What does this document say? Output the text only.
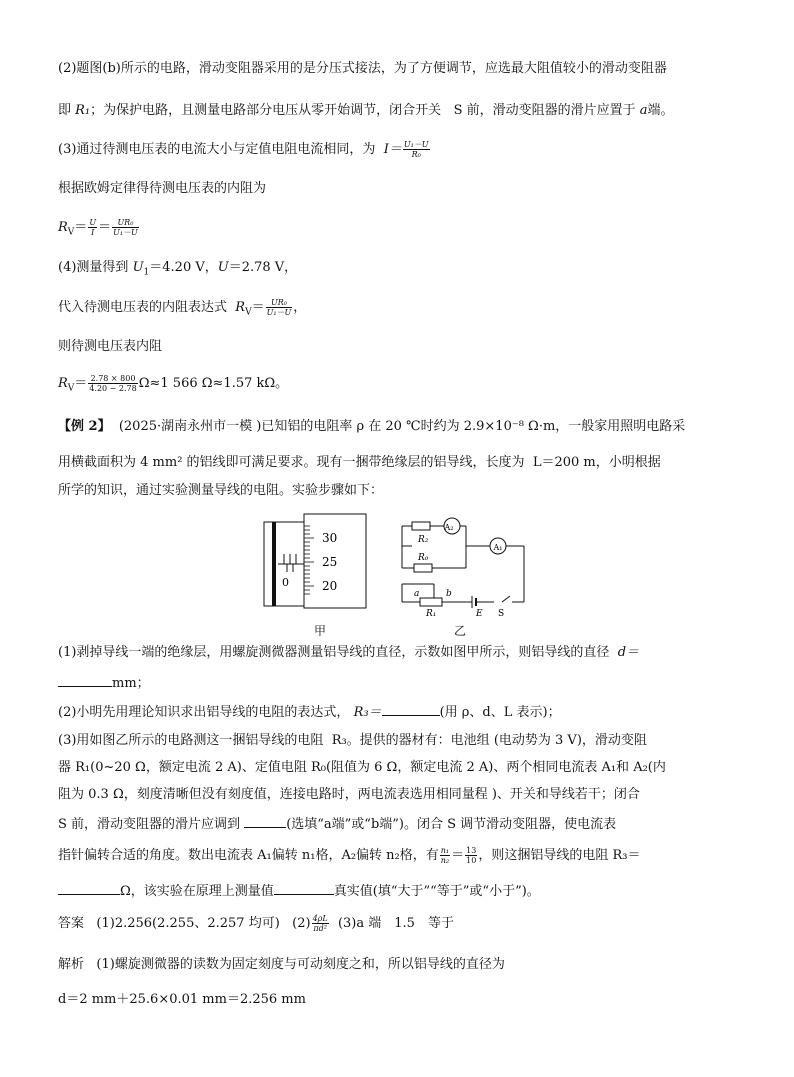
(2)题图(b)所示的电路，滑动变阻器采用的是分压式接法，为了方便调节，应选最大阻值较小的滑动变阻器
即 R₁；为保护电路，且测量电路部分电压从零开始调节，闭合开关 S 前，滑动变阻器的滑片应置于 a端。
(3)通过待测电压表的电流大小与定值电阻电流相同，为 $I= \frac{\text{U₁－U}}{\text{R₀}}$
根据欧姆定律得待测电压表的内阻为
$R_V= \frac{U}{I} = \frac{\text{UR₀}}{\text{U₁－U}}$
(4)测量得到 $U_1=4.20$ V，U＝2.78 V，
代入待测电压表的内阻表达式 $R_V= \frac{\text{UR₀}}{\text{U₁－U}}$ ，
则待测电压表内阻
$R_V= \frac{2.78 \times 800}{4.20 - 2.78} \Omega\approx 1$ 566 Ω≈1.57 kΩ。
【例 2】 (2025·湖南永州市一模 )已知铝的电阻率 ρ 在 20 ℃时约为 2.9×10⁻⁸ Ω·m，一般家用照明电路采
用横截面积为 4 mm² 的铝线即可满足要求。现有一捆带绝缘层的铝导线，长度为 L＝200 m，小明根据
所学的知识，通过实验测量导线的电阻。实验步骤如下：
30
25
20
0
甲
A₂
A₁
R₂
R₀
a	b
R₁	E S
乙
(1)剥掉导线一端的绝缘层，用螺旋测微器测量铝导线的直径，示数如图甲所示，则铝导线的直径 d＝
mm；
(2)小明先用理论知识求出铝导线的电阻的表达式， R₃＝	(用 ρ、d、L 表示)；
(3)用如图乙所示的电路测这一捆铝导线的电阻 R₃。提供的器材有：电池组 (电动势为 3 V)，滑动变阻
器 R₁(0~20 Ω，额定电流 2 A)、定值电阻 R₀(阻值为 6 Ω，额定电流 2 A)、两个相同电流表 A₁和 A₂(内
阻为 0.3 Ω，刻度清晰但没有刻度值，连接电路时，两电流表选用相同量程 )、开关和导线若干；闭合
S 前，滑动变阻器的滑片应调到	(选填“a端”或“b端”)。闭合 S 调节滑动变阻器，使电流表
指针偏转合适的角度。数出电流表 A₁偏转 n₁格，A₂偏转 n₂格，有 $\frac{\text{n₁}}{\text{n₂}} = \frac{13}{10}$ ，则这捆铝导线的电阻 R₃＝
Ω，该实验在原理上测量值	真实值(填“大于”“等于”或“小于”)。
答案 (1)2.256(2.255、2.257 均可) $(2) \frac{4\rho L}{\text{πd²}} (3)a$ 端　1.5　等于
解析 (1)螺旋测微器的读数为固定刻度与可动刻度之和，所以铝导线的直径为
d＝2 mm＋25.6×0.01 mm＝2.256 mm
